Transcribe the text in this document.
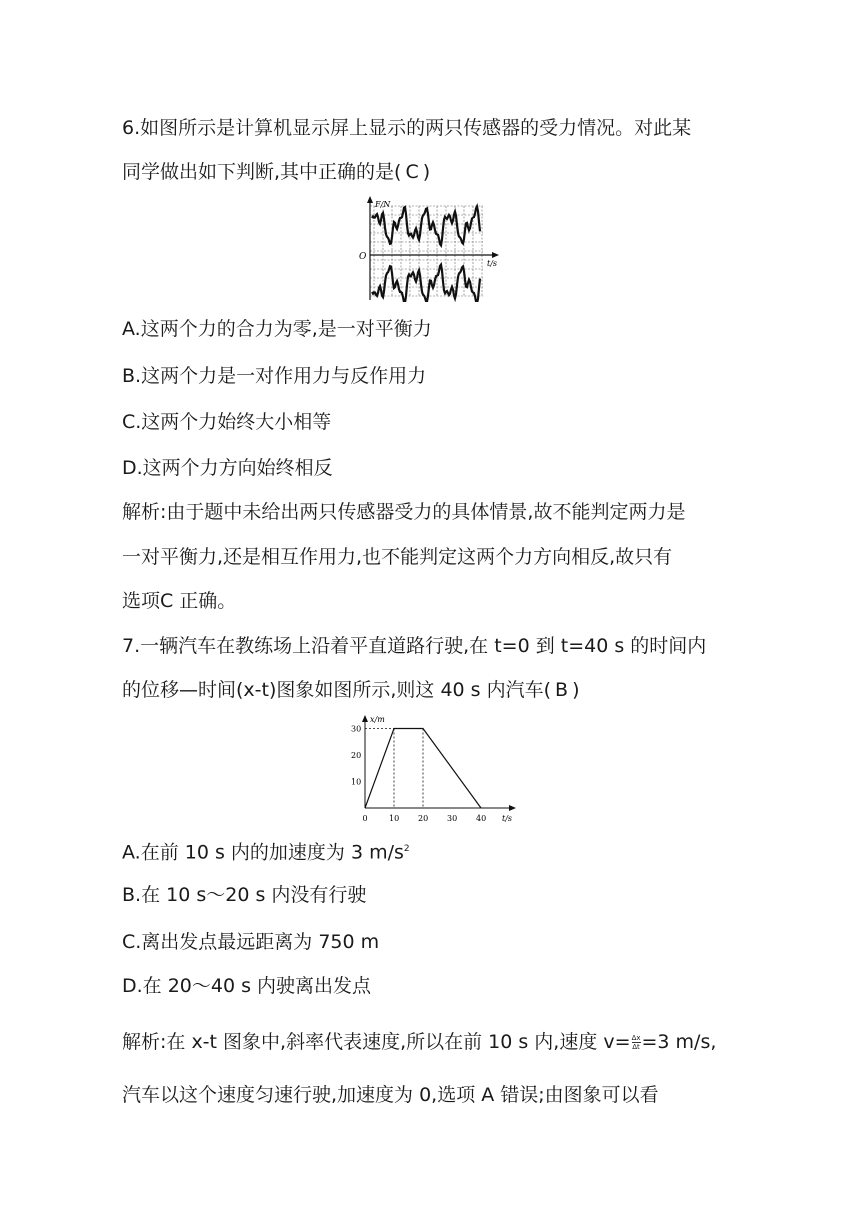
6.如图所示是计算机显示屏上显示的两只传感器的受力情况。对此某
同学做出如下判断,其中正确的是( C )
F/N
t/s
O
A.这两个力的合力为零,是一对平衡力
B.这两个力是一对作用力与反作用力
C.这两个力始终大小相等
D.这两个力方向始终相反
解析:由于题中未给出两只传感器受力的具体情景,故不能判定两力是
一对平衡力,还是相互作用力,也不能判定这两个力方向相反,故只有
选项C 正确。
7.一辆汽车在教练场上沿着平直道路行驶,在 t=0 到 t=40 s 的时间内
的位移—时间(x-t)图象如图所示,则这 40 s 内汽车( B )
x/m
t/s
0	10 20 30 40
10
20
30
A.在前 10 s 内的加速度为 3 $m/s^2$
B.在 10 s～20 s 内没有行驶
C.离出发点最远距离为 750 m
D.在 20～40 s 内驶离出发点
解析:在 x-t 图象中,斜率代表速度,所以在前 10 s 内,速度 $v= \frac{\Delta x}{\Delta t} =3$ m/s,
汽车以这个速度匀速行驶,加速度为 0,选项 A 错误;由图象可以看
